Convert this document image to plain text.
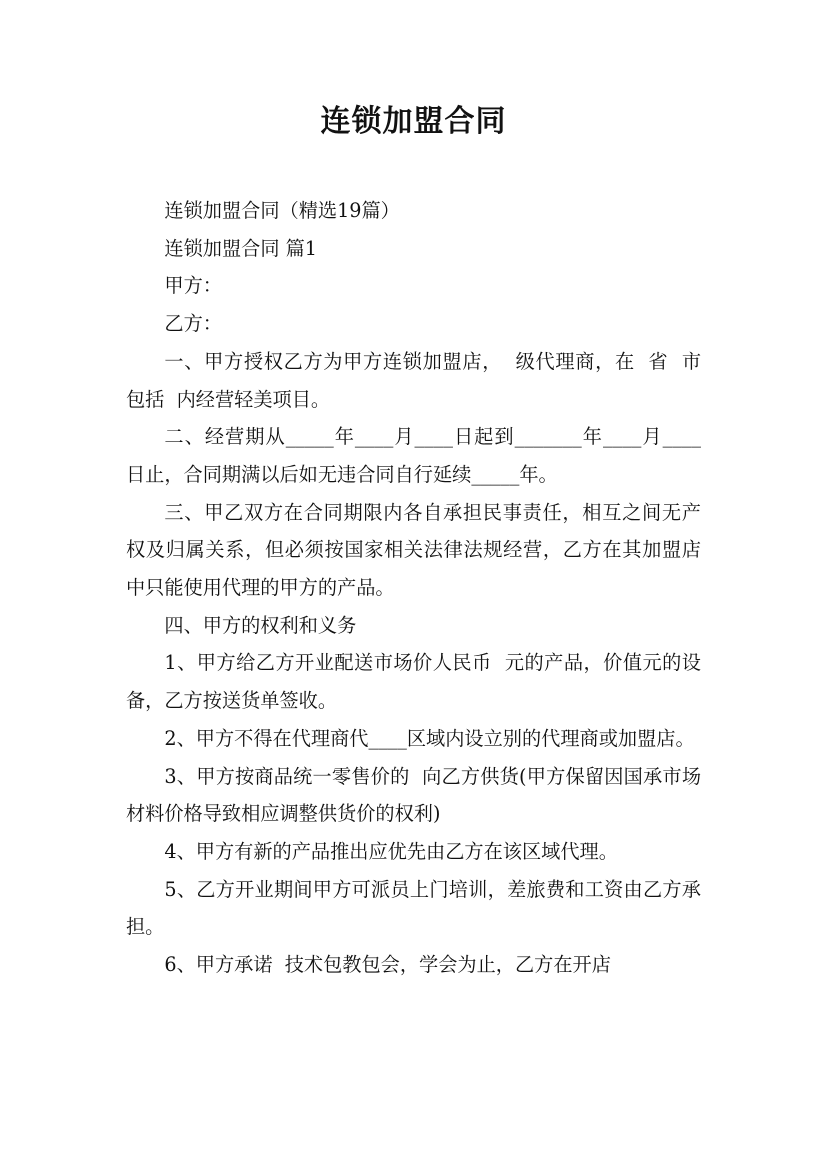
连锁加盟合同

连锁加盟合同（精选19篇）

连锁加盟合同 篇1

甲方：

乙方：

一、甲方授权乙方为甲方连锁加盟店，  级代理商，在  省  市  包括  内经营轻美项目。

二、经营期从_____年____月____日起到_______年____月____日止，合同期满以后如无违合同自行延续_____年。

三、甲乙双方在合同期限内各自承担民事责任，相互之间无产权及归属关系，但必须按国家相关法律法规经营，乙方在其加盟店中只能使用代理的甲方的产品。

四、甲方的权利和义务

1、甲方给乙方开业配送市场价人民币  元的产品，价值元的设备，乙方按送货单签收。

2、甲方不得在代理商代____区域内设立别的代理商或加盟店。

3、甲方按商品统一零售价的  向乙方供货(甲方保留因国承市场材料价格导致相应调整供货价的权利)

4、甲方有新的产品推出应优先由乙方在该区域代理。

5、乙方开业期间甲方可派员上门培训，差旅费和工资由乙方承担。

6、甲方承诺  技术包教包会，学会为止，乙方在开店
